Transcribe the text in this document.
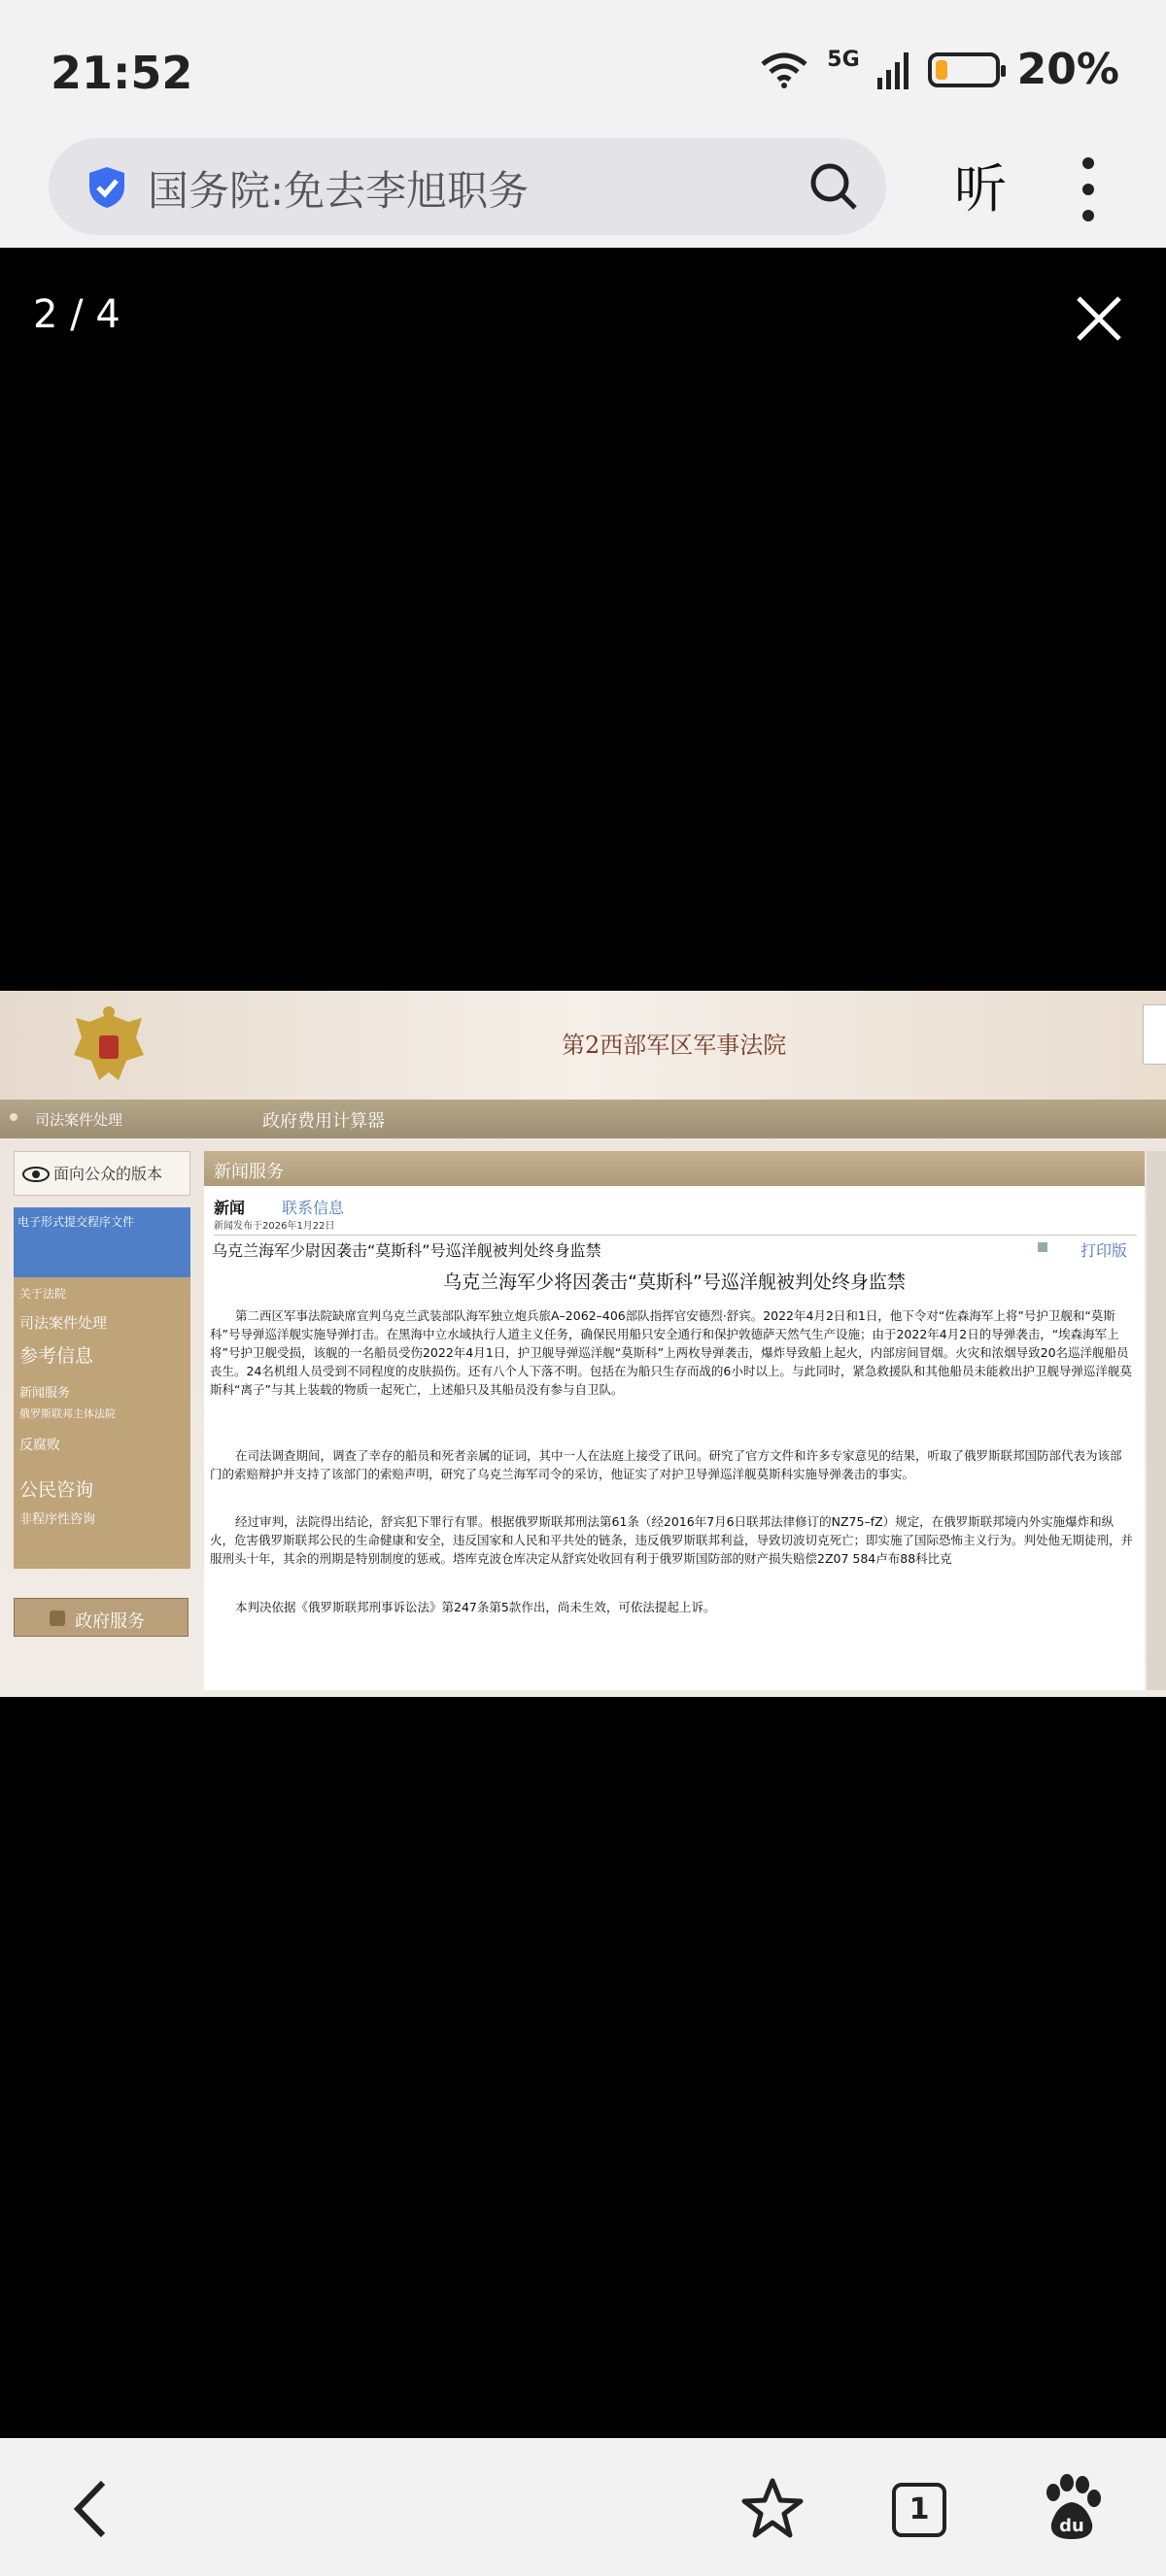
21:52	5G	20%
国务院:免去李旭职务	听
2 / 4
第2西部军区军事法院
司法案件处理	政府费用计算器
面向公众的版本
电子形式提交程序文件
关于法院
司法案件处理
参考信息
新闻服务
俄罗斯联邦主体法院
反腐败
公民咨询
非程序性咨询
政府服务
新闻服务
新闻 联系信息
新闻发布于2026年1月22日
乌克兰海军少尉因袭击“莫斯科”号巡洋舰被判处终身监禁	打印版
乌克兰海军少将因袭击“莫斯科”号巡洋舰被判处终身监禁
第二西区军事法院缺席宣判乌克兰武装部队海军独立炮兵旅A–2062–406部队指挥官安德烈·舒宾。2022年4月2日和1日，他下令对“佐森海军上将”号护卫舰和“莫斯科”号导弹巡洋舰实施导弹打击。在黑海中立水域执行人道主义任务，确保民用船只安全通行和保护敦德萨天然气生产设施；由于2022年4月2日的导弹袭击，“埃森海军上将”号护卫舰受损，该舰的一名船员受伤2022年4月1日，护卫舰导弹巡洋舰“莫斯科”上两枚导弹袭击，爆炸导致船上起火，内部房间冒烟。火灾和浓烟导致20名巡洋舰船员丧生。24名机组人员受到不同程度的皮肤损伤。还有八个人下落不明。包括在为船只生存而战的6小时以上。与此同时，紧急救援队和其他船员未能救出护卫舰导弹巡洋舰莫斯科“离子”与其上装载的物质一起死亡，上述船只及其船员没有参与自卫队。
在司法调查期间，调查了幸存的船员和死者亲属的证词，其中一人在法庭上接受了讯问。研究了官方文件和许多专家意见的结果，听取了俄罗斯联邦国防部代表为该部门的索赔辩护并支持了该部门的索赔声明，研究了乌克兰海军司令的采访，他证实了对护卫导弹巡洋舰莫斯科实施导弹袭击的事实。
经过审判，法院得出结论，舒宾犯下罪行有罪。根据俄罗斯联邦刑法第61条（经2016年7月6日联邦法律修订的NZ75–fZ）规定，在俄罗斯联邦境内外实施爆炸和纵火，危害俄罗斯联邦公民的生命健康和安全，违反国家和人民和平共处的链条，违反俄罗斯联邦利益，导致切波切克死亡；即实施了国际恐怖主义行为。判处他无期徒刑，并服刑头十年，其余的刑期是特别制度的惩戒。塔库克波仓库决定从舒宾处收回有利于俄罗斯国防部的财产损失赔偿2Z07 584卢布88科比克
本判决依据《俄罗斯联邦刑事诉讼法》第247条第5款作出，尚未生效，可依法提起上诉。
1	du
